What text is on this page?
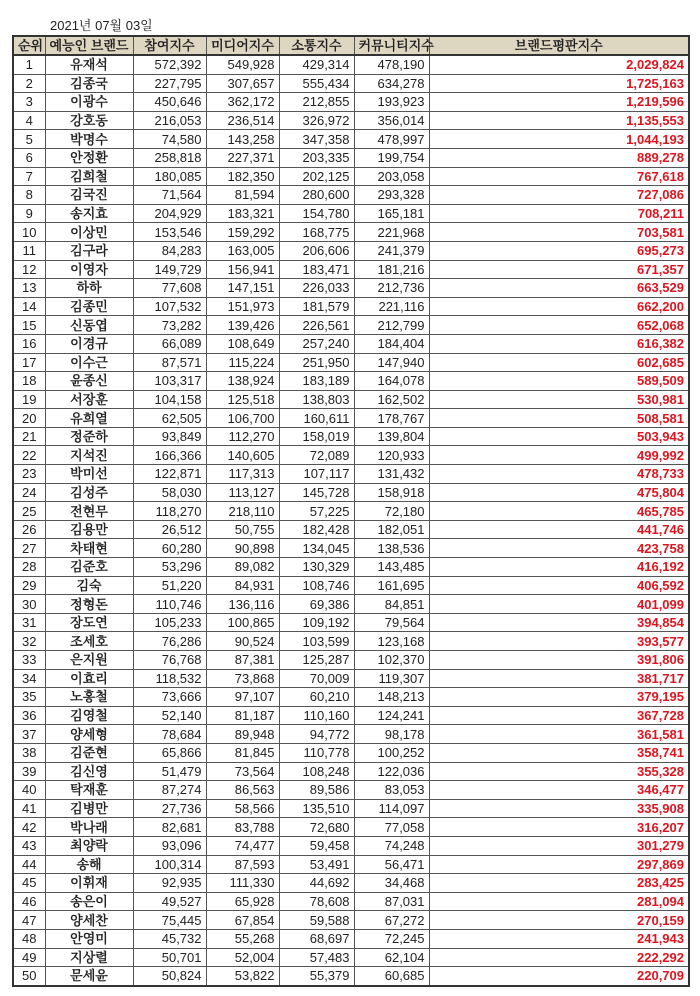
2021년 07월 03일
순위	예능인 브랜드	참여지수	미디어지수	소통지수	커뮤니티지수	브랜드평판지수
1	유재석	572,392	549,928	429,314	478,190	2,029,824
2	김종국	227,795	307,657	555,434	634,278	1,725,163
3	이광수	450,646	362,172	212,855	193,923	1,219,596
4	강호동	216,053	236,514	326,972	356,014	1,135,553
5	박명수	74,580	143,258	347,358	478,997	1,044,193
6	안정환	258,818	227,371	203,335	199,754	889,278
7	김희철	180,085	182,350	202,125	203,058	767,618
8	김국진	71,564	81,594	280,600	293,328	727,086
9	송지효	204,929	183,321	154,780	165,181	708,211
10	이상민	153,546	159,292	168,775	221,968	703,581
11	김구라	84,283	163,005	206,606	241,379	695,273
12	이영자	149,729	156,941	183,471	181,216	671,357
13	하하	77,608	147,151	226,033	212,736	663,529
14	김종민	107,532	151,973	181,579	221,116	662,200
15	신동엽	73,282	139,426	226,561	212,799	652,068
16	이경규	66,089	108,649	257,240	184,404	616,382
17	이수근	87,571	115,224	251,950	147,940	602,685
18	윤종신	103,317	138,924	183,189	164,078	589,509
19	서장훈	104,158	125,518	138,803	162,502	530,981
20	유희열	62,505	106,700	160,611	178,767	508,581
21	정준하	93,849	112,270	158,019	139,804	503,943
22	지석진	166,366	140,605	72,089	120,933	499,992
23	박미선	122,871	117,313	107,117	131,432	478,733
24	김성주	58,030	113,127	145,728	158,918	475,804
25	전현무	118,270	218,110	57,225	72,180	465,785
26	김용만	26,512	50,755	182,428	182,051	441,746
27	차태현	60,280	90,898	134,045	138,536	423,758
28	김준호	53,296	89,082	130,329	143,485	416,192
29	김숙	51,220	84,931	108,746	161,695	406,592
30	정형돈	110,746	136,116	69,386	84,851	401,099
31	장도연	105,233	100,865	109,192	79,564	394,854
32	조세호	76,286	90,524	103,599	123,168	393,577
33	은지원	76,768	87,381	125,287	102,370	391,806
34	이효리	118,532	73,868	70,009	119,307	381,717
35	노홍철	73,666	97,107	60,210	148,213	379,195
36	김영철	52,140	81,187	110,160	124,241	367,728
37	양세형	78,684	89,948	94,772	98,178	361,581
38	김준현	65,866	81,845	110,778	100,252	358,741
39	김신영	51,479	73,564	108,248	122,036	355,328
40	탁재훈	87,274	86,563	89,586	83,053	346,477
41	김병만	27,736	58,566	135,510	114,097	335,908
42	박나래	82,681	83,788	72,680	77,058	316,207
43	최양락	93,096	74,477	59,458	74,248	301,279
44	송해	100,314	87,593	53,491	56,471	297,869
45	이휘재	92,935	111,330	44,692	34,468	283,425
46	송은이	49,527	65,928	78,608	87,031	281,094
47	양세찬	75,445	67,854	59,588	67,272	270,159
48	안영미	45,732	55,268	68,697	72,245	241,943
49	지상렬	50,701	52,004	57,483	62,104	222,292
50	문세윤	50,824	53,822	55,379	60,685	220,709
